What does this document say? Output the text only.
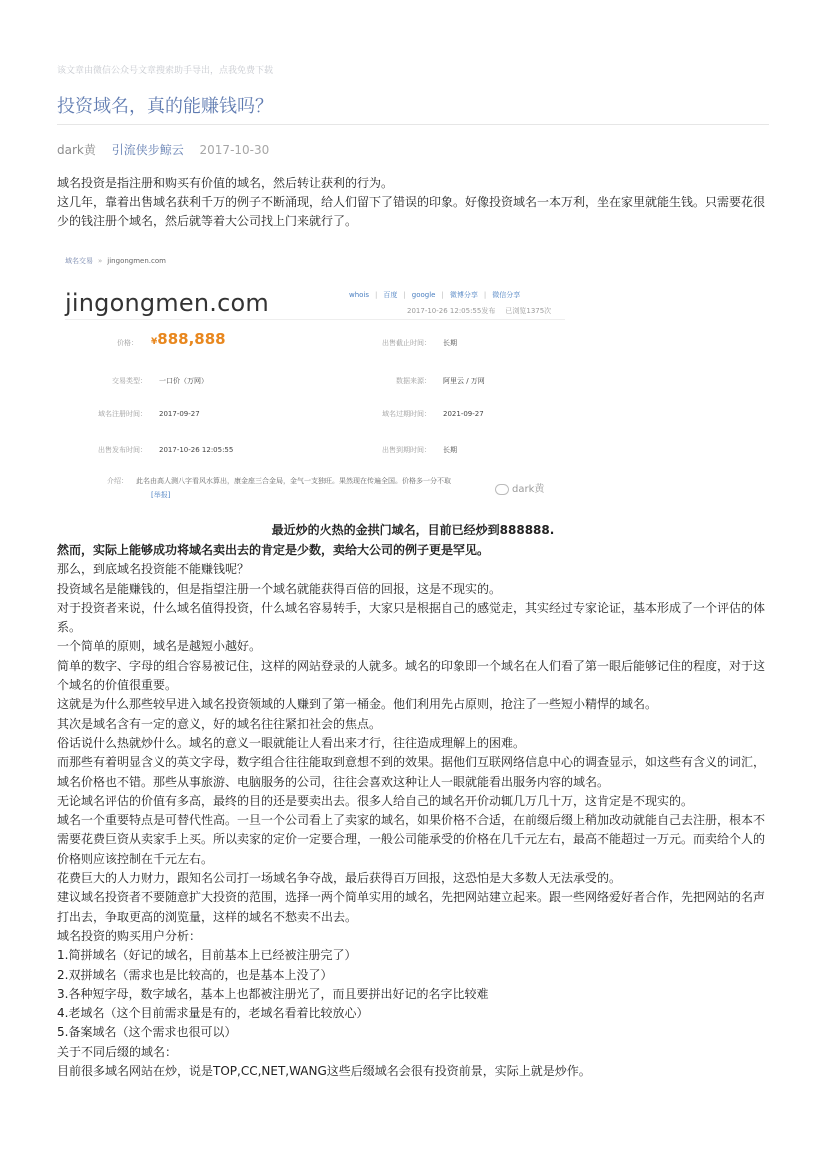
该文章由微信公众号文章搜索助手导出，点我免费下载
投资域名，真的能赚钱吗？
dark黄 引流侠步鲸云 2017-10-30

域名投资是指注册和购买有价值的域名，然后转让获利的行为。

这几年，靠着出售域名获利千万的例子不断涌现，给人们留下了错误的印象。好像投资域名一本万利，坐在家里就能生钱。只需要花很少的钱注册个域名，然后就等着大公司找上门来就行了。

域名交易 » jingongmen.com
jingongmen.com	whois | 百度 | google | 微博分享 | 微信分享
2017-10-26 12:05:55发布 已浏览1375次
价格： ¥888,888	出售截止时间： 长期
交易类型： 一口价（万网）	数据来源： 阿里云 / 万网
域名注册时间： 2017-09-27	域名过期时间： 2021-09-27
出售发布时间： 2017-10-26 12:05:55	出售到期时间： 长期
介绍： 此名由高人测八字看风水算出，康金座三合金局，金气一支独旺。果然现在传遍全国。价格多一分不取
[举报]	dark黄
最近炒的火热的金拱门域名，目前已经炒到888888.

然而，实际上能够成功将域名卖出去的肯定是少数，卖给大公司的例子更是罕见。

那么，到底域名投资能不能赚钱呢？

投资域名是能赚钱的，但是指望注册一个域名就能获得百倍的回报，这是不现实的。

对于投资者来说，什么域名值得投资，什么域名容易转手，大家只是根据自己的感觉走，其实经过专家论证，基本形成了一个评估的体系。

一个简单的原则，域名是越短小越好。

简单的数字、字母的组合容易被记住，这样的网站登录的人就多。域名的印象即一个域名在人们看了第一眼后能够记住的程度，对于这个域名的价值很重要。

这就是为什么那些较早进入域名投资领域的人赚到了第一桶金。他们利用先占原则，抢注了一些短小精悍的域名。

其次是域名含有一定的意义，好的域名往往紧扣社会的焦点。

俗话说什么热就炒什么。域名的意义一眼就能让人看出来才行，往往造成理解上的困难。

而那些有着明显含义的英文字母，数字组合往往能取到意想不到的效果。据他们互联网络信息中心的调查显示，如这些有含义的词汇，域名价格也不错。那些从事旅游、电脑服务的公司，往往会喜欢这种让人一眼就能看出服务内容的域名。

无论域名评估的价值有多高，最终的目的还是要卖出去。很多人给自己的域名开价动辄几万几十万，这肯定是不现实的。

域名一个重要特点是可替代性高。一旦一个公司看上了卖家的域名，如果价格不合适，在前缀后缀上稍加改动就能自己去注册，根本不需要花费巨资从卖家手上买。所以卖家的定价一定要合理，一般公司能承受的价格在几千元左右，最高不能超过一万元。而卖给个人的价格则应该控制在千元左右。

花费巨大的人力财力，跟知名公司打一场域名争夺战，最后获得百万回报，这恐怕是大多数人无法承受的。

建议域名投资者不要随意扩大投资的范围，选择一两个简单实用的域名，先把网站建立起来。跟一些网络爱好者合作，先把网站的名声打出去，争取更高的浏览量，这样的域名不愁卖不出去。

域名投资的购买用户分析：

1.简拼域名（好记的域名，目前基本上已经被注册完了）

2.双拼域名（需求也是比较高的，也是基本上没了）

3.各种短字母，数字域名，基本上也都被注册光了，而且要拼出好记的名字比较难

4.老域名（这个目前需求量是有的，老域名看着比较放心）

5.备案域名（这个需求也很可以）

关于不同后缀的域名：

目前很多域名网站在炒，说是TOP,CC,NET,WANG这些后缀域名会很有投资前景，实际上就是炒作。
